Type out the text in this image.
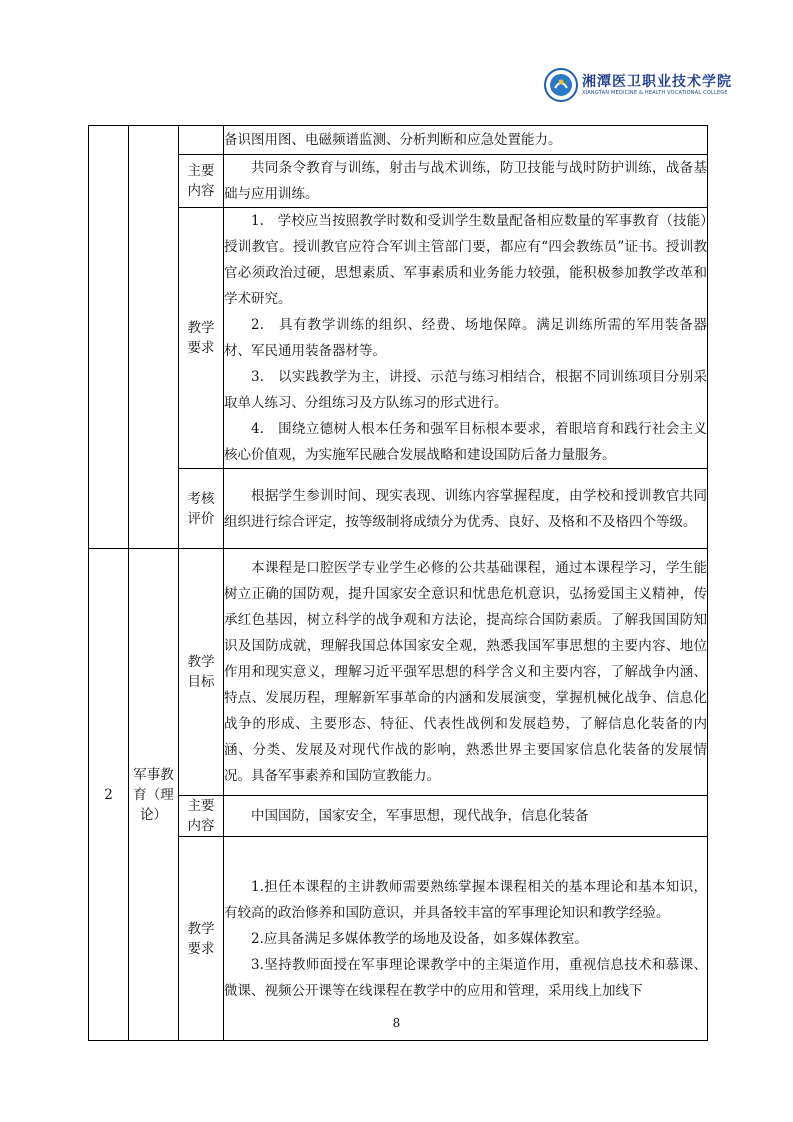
湘潭医卫职业技术学院
XIANGTAN MEDICINE & HEALTH VOCATIONAL COLLEGE

			备识图用图、电磁频谱监测、分析判断和应急处置能力。

		主要内容	共同条令教育与训练，射击与战术训练，防卫技能与战时防护训练，战备基础与应用训练。

		教学要求	1.　学校应当按照教学时数和受训学生数量配备相应数量的军事教育（技能）授训教官。授训教官应符合军训主管部门要，都应有“四会教练员”证书。授训教官必须政治过硬，思想素质、军事素质和业务能力较强，能积极参加教学改革和学术研究。
2.　具有教学训练的组织、经费、场地保障。满足训练所需的军用装备器材、军民通用装备器材等。
3.　以实践教学为主，讲授、示范与练习相结合，根据不同训练项目分别采取单人练习、分组练习及方队练习的形式进行。
4.　围绕立德树人根本任务和强军目标根本要求，着眼培育和践行社会主义核心价值观，为实施军民融合发展战略和建设国防后备力量服务。

		考核评价	根据学生参训时间、现实表现、训练内容掌握程度，由学校和授训教官共同组织进行综合评定，按等级制将成绩分为优秀、良好、及格和不及格四个等级。

2	军事教育（理论）	教学目标	本课程是口腔医学专业学生必修的公共基础课程，通过本课程学习，学生能树立正确的国防观，提升国家安全意识和忧患危机意识，弘扬爱国主义精神，传承红色基因，树立科学的战争观和方法论，提高综合国防素质。了解我国国防知识及国防成就，理解我国总体国家安全观，熟悉我国军事思想的主要内容、地位作用和现实意义，理解习近平强军思想的科学含义和主要内容，了解战争内涵、特点、发展历程，理解新军事革命的内涵和发展演变，掌握机械化战争、信息化战争的形成、主要形态、特征、代表性战例和发展趋势，了解信息化装备的内涵、分类、发展及对现代作战的影响，熟悉世界主要国家信息化装备的发展情况。具备军事素养和国防宣教能力。

		主要内容	中国国防，国家安全，军事思想，现代战争，信息化装备

		教学要求	1.担任本课程的主讲教师需要熟练掌握本课程相关的基本理论和基本知识，有较高的政治修养和国防意识，并具备较丰富的军事理论知识和教学经验。
2.应具备满足多媒体教学的场地及设备，如多媒体教室。
3.坚持教师面授在军事理论课教学中的主渠道作用，重视信息技术和慕课、微课、视频公开课等在线课程在教学中的应用和管理，采用线上加线下
8
